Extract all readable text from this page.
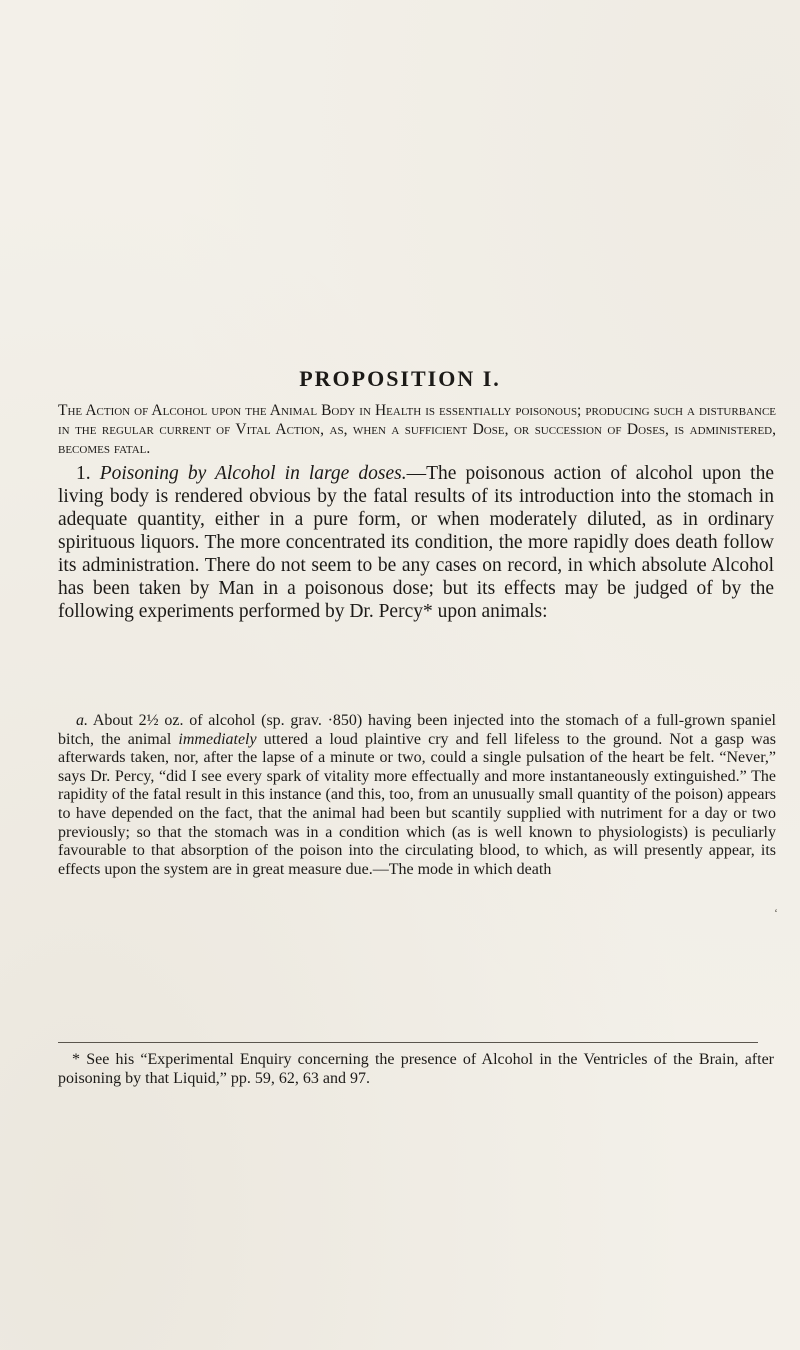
PROPOSITION I.
The Action of Alcohol upon the Animal Body in Health is essentially poisonous; producing such a disturbance in the regular current of Vital Action, as, when a sufficient Dose, or succession of Doses, is administered, becomes fatal.
1. Poisoning by Alcohol in large doses.—The poisonous action of alcohol upon the living body is rendered obvious by the fatal results of its introduction into the stomach in adequate quantity, either in a pure form, or when moderately diluted, as in ordinary spirituous liquors. The more concentrated its condition, the more rapidly does death follow its administration. There do not seem to be any cases on record, in which absolute Alcohol has been taken by Man in a poisonous dose; but its effects may be judged of by the following experiments performed by Dr. Percy* upon animals:
a. About 2½ oz. of alcohol (sp. grav. ·850) having been injected into the stomach of a full-grown spaniel bitch, the animal immediately uttered a loud plaintive cry and fell lifeless to the ground. Not a gasp was afterwards taken, nor, after the lapse of a minute or two, could a single pulsation of the heart be felt. “Never,” says Dr. Percy, “did I see every spark of vitality more effectually and more instantaneously extinguished.” The rapidity of the fatal result in this instance (and this, too, from an unusually small quantity of the poison) appears to have depended on the fact, that the animal had been but scantily supplied with nutriment for a day or two previously; so that the stomach was in a condition which (as is well known to physiologists) is peculiarly favourable to that absorption of the poison into the circulating blood, to which, as will presently appear, its effects upon the system are in great measure due.—The mode in which death
‘
* See his “Experimental Enquiry concerning the presence of Alcohol in the Ventricles of the Brain, after poisoning by that Liquid,” pp. 59, 62, 63 and 97.
